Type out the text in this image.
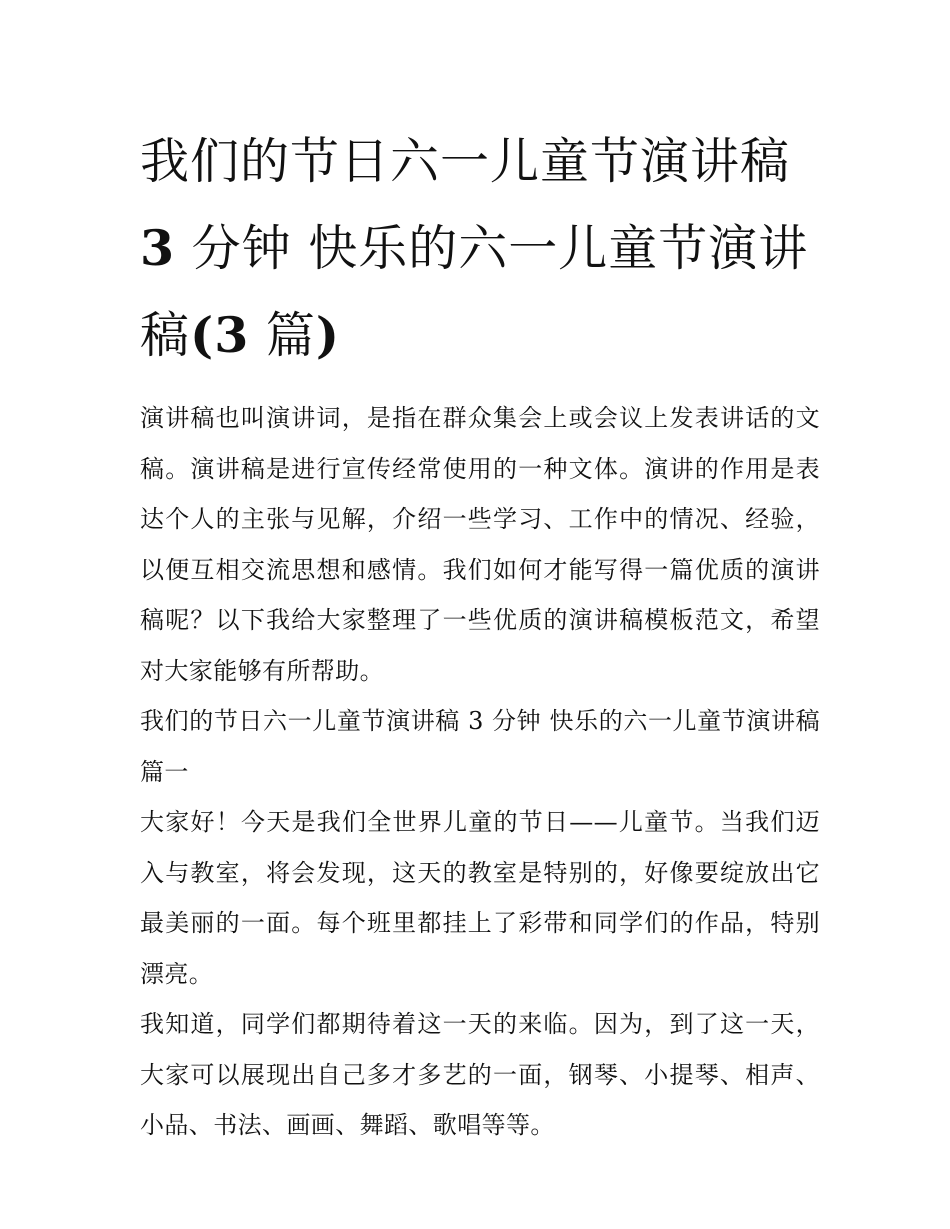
我们的节日六一儿童节演讲稿
3 分钟 快乐的六一儿童节演讲
稿(3 篇)

演讲稿也叫演讲词，是指在群众集会上或会议上发表讲话的文稿。演讲稿是进行宣传经常使用的一种文体。演讲的作用是表达个人的主张与见解，介绍一些学习、工作中的情况、经验，以便互相交流思想和感情。我们如何才能写得一篇优质的演讲稿呢？以下我给大家整理了一些优质的演讲稿模板范文，希望对大家能够有所帮助。

我们的节日六一儿童节演讲稿 3 分钟 快乐的六一儿童节演讲稿篇一

大家好！今天是我们全世界儿童的节日——儿童节。当我们迈入与教室，将会发现，这天的教室是特别的，好像要绽放出它最美丽的一面。每个班里都挂上了彩带和同学们的作品，特别漂亮。

我知道，同学们都期待着这一天的来临。因为，到了这一天，大家可以展现出自己多才多艺的一面，钢琴、小提琴、相声、小品、书法、画画、舞蹈、歌唱等等。
